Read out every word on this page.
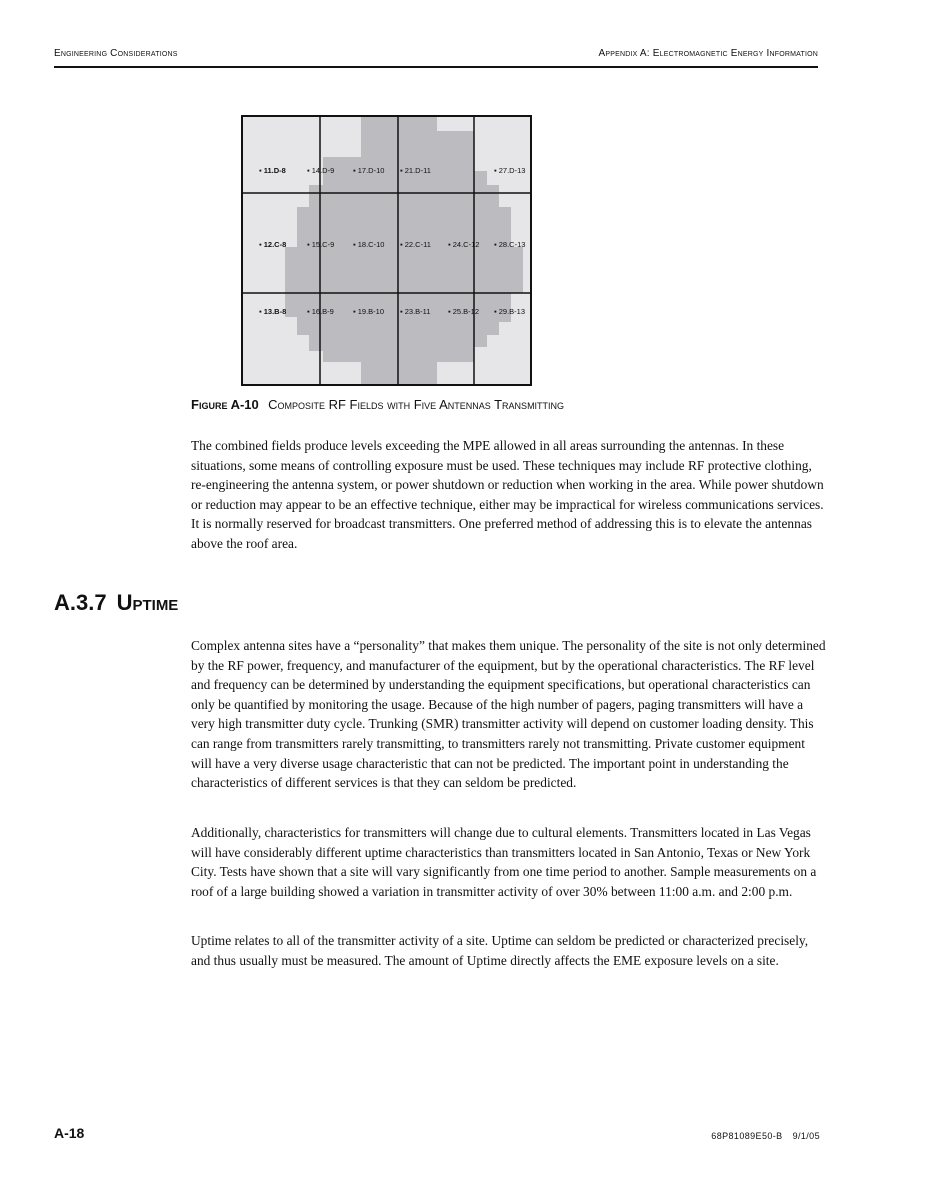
Engineering Considerations	Appendix A: Electromagnetic Energy Information
▪ 11.D-8	▪ 14.D-9 ▪ 17.D-10 ▪ 21.D-11	▪ 27.D-13
▪ 12.C-8	▪ 15.C-9 ▪ 18.C-10 ▪ 22.C-11 ▪ 24.C-12 ▪ 28.C-13
▪ 13.B-8	▪ 16.B-9	▪ 19.B-10 ▪ 23.B-11 ▪ 25.B-12 ▪ 29.B-13
Figure A-10 Composite RF Fields with Five Antennas Transmitting

The combined fields produce levels exceeding the MPE allowed in all areas surrounding the antennas. In these situations, some means of controlling exposure must be used. These techniques may include RF protective clothing, re-engineering the antenna system, or power shutdown or reduction when working in the area. While power shutdown or reduction may appear to be an effective technique, either may be impractical for wireless communications services. It is normally reserved for broadcast transmitters. One preferred method of addressing this is to elevate the antennas above the roof area.

A.3.7 Uptime

Complex antenna sites have a “personality” that makes them unique. The personality of the site is not only determined by the RF power, frequency, and manufacturer of the equipment, but by the operational characteristics. The RF level and frequency can be determined by understanding the equipment specifications, but operational characteristics can only be quantified by monitoring the usage. Because of the high number of pagers, paging transmitters will have a very high transmitter duty cycle. Trunking (SMR) transmitter activity will depend on customer loading density. This can range from transmitters rarely transmitting, to transmitters rarely not transmitting. Private customer equipment will have a very diverse usage characteristic that can not be predicted. The important point in understanding the characteristics of different services is that they can seldom be predicted.

Additionally, characteristics for transmitters will change due to cultural elements. Transmitters located in Las Vegas will have considerably different uptime characteristics than transmitters located in San Antonio, Texas or New York City. Tests have shown that a site will vary significantly from one time period to another. Sample measurements on a roof of a large building showed a variation in transmitter activity of over 30% between 11:00 a.m. and 2:00 p.m.

Uptime relates to all of the transmitter activity of a site. Uptime can seldom be predicted or characterized precisely, and thus usually must be measured. The amount of Uptime directly affects the EME exposure levels on a site.

A-18	68P81089E50-B 9/1/05
